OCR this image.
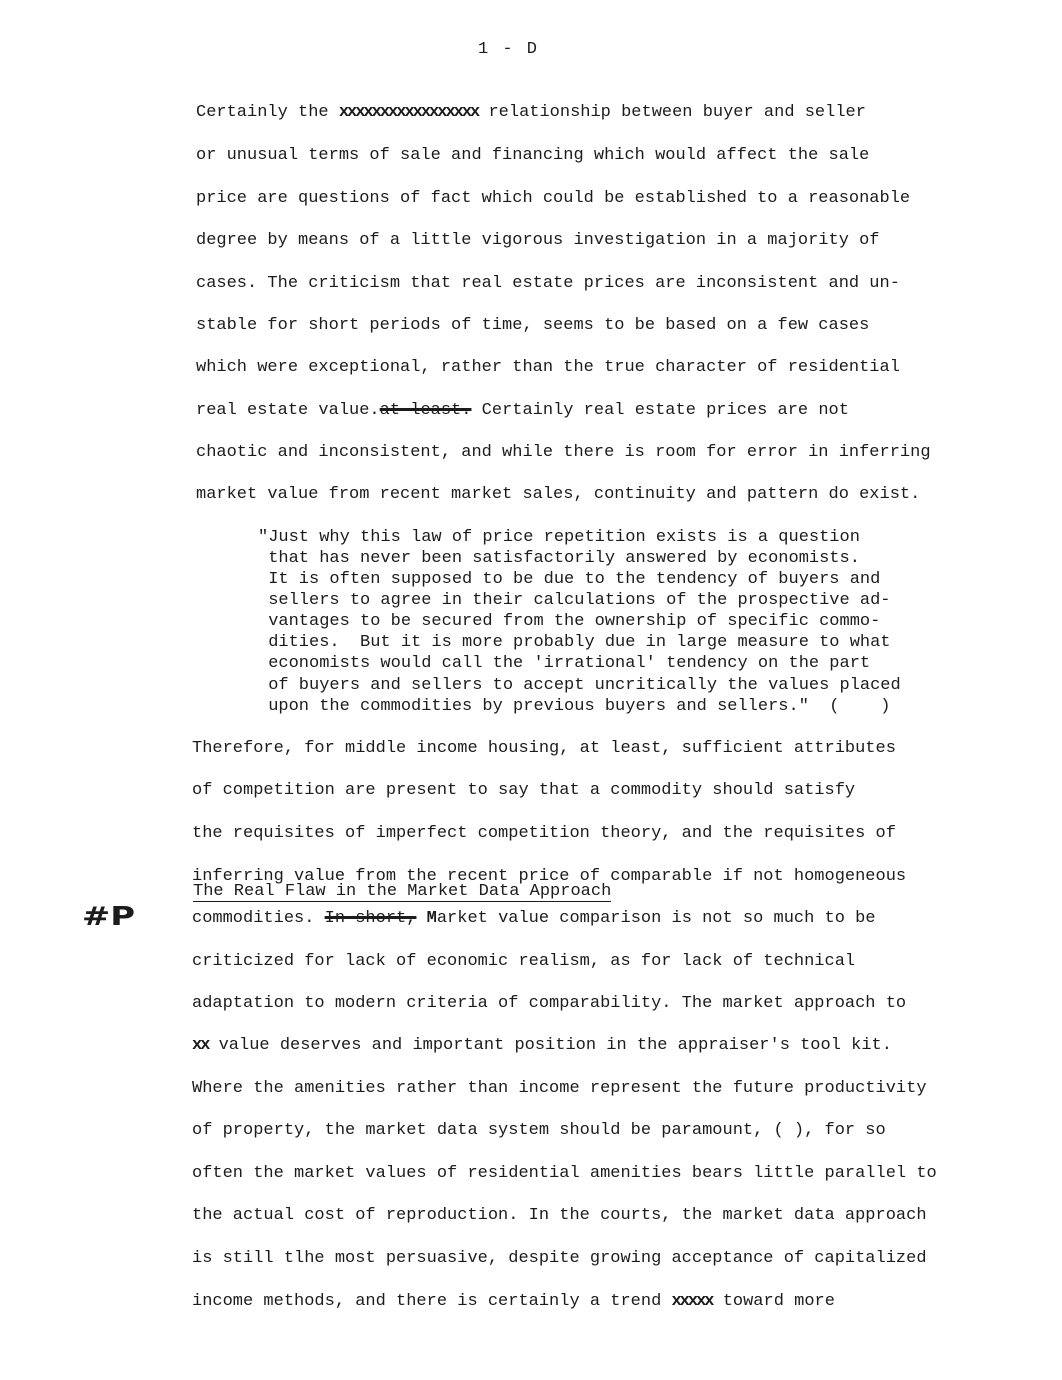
1 - D
Certainly the xxxxxxxxxxxxxxxxx relationship between buyer and seller
or unusual terms of sale and financing which would affect the sale
price are questions of fact which could be established to a reasonable
degree by means of a little vigorous investigation in a majority of
cases. The criticism that real estate prices are inconsistent and un-
stable for short periods of time, seems to be based on a few cases
which were exceptional, rather than the true character of residential
real estate value.at least. Certainly real estate prices are not
chaotic and inconsistent, and while there is room for error in inferring
market value from recent market sales, continuity and pattern do exist.
"Just why this law of price repetition exists is a question
that has never been satisfactorily answered by economists.
It is often supposed to be due to the tendency of buyers and
sellers to agree in their calculations of the prospective ad-
vantages to be secured from the ownership of specific commo-
dities.  But it is more probably due in large measure to what
economists would call the 'irrational' tendency on the part
of buyers and sellers to accept uncritically the values placed
upon the commodities by previous buyers and sellers."  (    )
Therefore, for middle income housing, at least, sufficient attributes
of competition are present to say that a commodity should satisfy
the requisites of imperfect competition theory, and the requisites of
inferring value from the recent price of comparable if not homogeneous
The Real Flaw in the Market Data Approach
#P	commodities. In short, Market value comparison is not so much to be
criticized for lack of economic realism, as for lack of technical
adaptation to modern criteria of comparability. The market approach to
xx value deserves and important position in the appraiser's tool kit.
Where the amenities rather than income represent the future productivity
of property, the market data system should be paramount, ( ), for so
often the market values of residential amenities bears little parallel to
the actual cost of reproduction. In the courts, the market data approach
is still tlhe most persuasive, despite growing acceptance of capitalized
income methods, and there is certainly a trend xxxxx toward more
